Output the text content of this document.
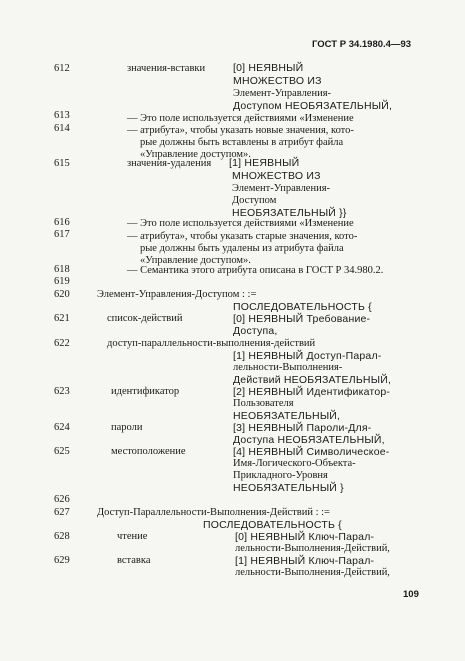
ГОСТ Р 34.1980.4—93
612	значения-вставки	[0] НЕЯВНЫЙ
МНОЖЕСТВО ИЗ
Элемент-Управления-
Доступом НЕОБЯЗАТЕЛЬНЫЙ,
613	— Это поле используется действиями «Изменение
614	— атрибута», чтобы указать новые значения, кото-
рые должны быть вставлены в атрибут файла
«Управление доступом».
615	значения-удаления [1] НЕЯВНЫЙ
МНОЖЕСТВО ИЗ
Элемент-Управления-
Доступом
НЕОБЯЗАТЕЛЬНЫЙ }}
616	— Это поле используется действиями «Изменение
617	— атрибута», чтобы указать старые значения, кото-
рые должны быть удалены из атрибута файла
«Управление доступом».
618	— Семантика этого атрибута описана в ГОСТ Р 34.980.2.
619
620	Элемент-Управления-Доступом : :=
ПОСЛЕДОВАТЕЛЬНОСТЬ {
621	список-действий	[0] НЕЯВНЫЙ Требование-
Доступа,
622	доступ-параллельности-выполнения-действий
[1] НЕЯВНЫЙ Доступ-Парал-
лельности-Выполнения-
Действий НЕОБЯЗАТЕЛЬНЫЙ,
623	идентификатор	[2] НЕЯВНЫЙ Идентификатор-
Пользователя
НЕОБЯЗАТЕЛЬНЫЙ,
624	пароли	[3] НЕЯВНЫЙ Пароли-Для-
Доступа НЕОБЯЗАТЕЛЬНЫЙ,
625	местоположение	[4] НЕЯВНЫЙ Символическое-
Имя-Логического-Объекта-
Прикладного-Уровня
НЕОБЯЗАТЕЛЬНЫЙ }
626
627	Доступ-Параллельности-Выполнения-Действий : :=
ПОСЛЕДОВАТЕЛЬНОСТЬ {
628	чтение	[0] НЕЯВНЫЙ Ключ-Парал-
лельности-Выполнения-Действий,
629	вставка	[1] НЕЯВНЫЙ Ключ-Парал-
лельности-Выполнения-Действий,
109
